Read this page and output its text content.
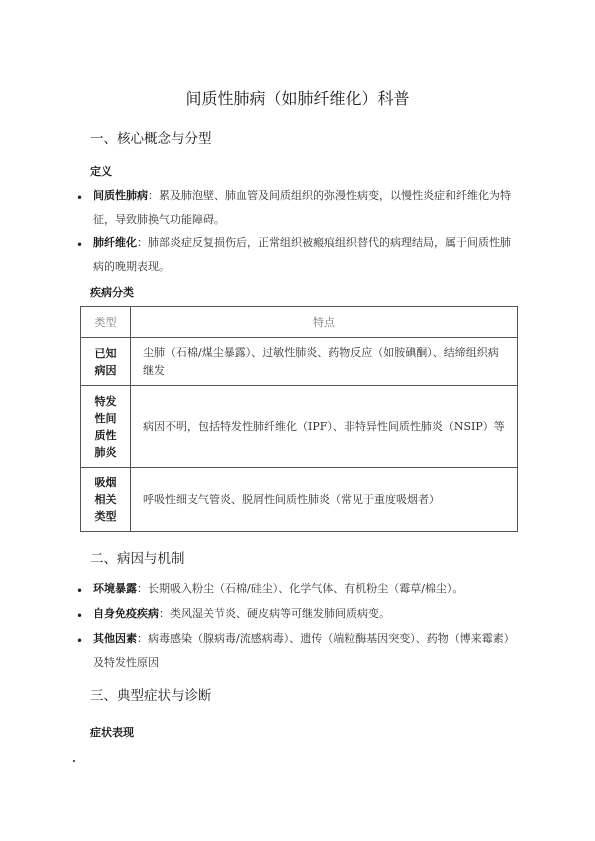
间质性肺病（如肺纤维化）科普
一、核心概念与分型
定义
• 间质性肺病：累及肺泡壁、肺血管及间质组织的弥漫性病变，以慢性炎症和纤维化为特征，导致肺换气功能障碍。
• 肺纤维化：肺部炎症反复损伤后，正常组织被瘢痕组织替代的病理结局，属于间质性肺病的晚期表现。
疾病分类
类型	特点
已知病因	尘肺（石棉/煤尘暴露）、过敏性肺炎、药物反应（如胺碘酮）、结缔组织病继发
特发性间质性肺炎	病因不明，包括特发性肺纤维化（IPF）、非特异性间质性肺炎（NSIP）等
吸烟相关类型	呼吸性细支气管炎、脱屑性间质性肺炎（常见于重度吸烟者）
二、病因与机制
• 环境暴露：长期吸入粉尘（石棉/硅尘）、化学气体、有机粉尘（霉草/棉尘）。
• 自身免疫疾病：类风湿关节炎、硬皮病等可继发肺间质病变。
• 其他因素：病毒感染（腺病毒/流感病毒）、遗传（端粒酶基因突变）、药物（博来霉素）及特发性原因
三、典型症状与诊断
症状表现
